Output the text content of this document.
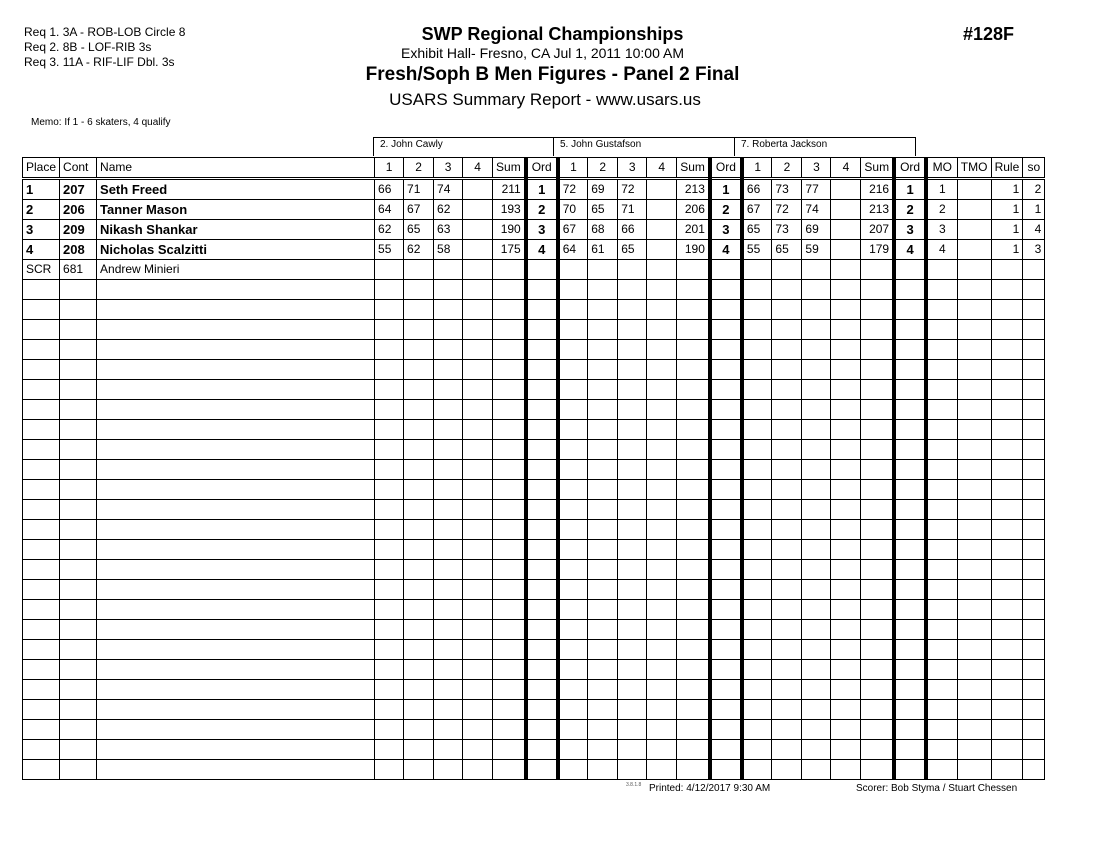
Req 1. 3A - ROB-LOB Circle 8
Req 2. 8B - LOF-RIB 3s
Req 3. 11A - RIF-LIF Dbl. 3s
SWP Regional Championships
Exhibit Hall- Fresno, CA Jul 1, 2011 10:00 AM
Fresh/Soph B Men Figures - Panel 2 Final
USARS Summary Report - www.usars.us
#128F
Memo: If 1 - 6 skaters, 4 qualify
2. John Cawly	5. John Gustafson	7. Roberta Jackson
Place	Cont	Name	1	2	3	4	Sum	Ord	1	2	3	4	Sum	Ord	1	2	3	4	Sum	Ord	MO	TMO	Rule	so
1	207	Seth Freed	66	71	74		211	1	72	69	72		213	1	66	73	77		216	1	1		1	2
2	206	Tanner Mason	64	67	62		193	2	70	65	71		206	2	67	72	74		213	2	2		1	1
3	209	Nikash Shankar	62	65	63		190	3	67	68	66		201	3	65	73	69		207	3	3		1	4
4	208	Nicholas Scalzitti	55	62	58		175	4	64	61	65		190	4	55	65	59		179	4	4		1	3
SCR	681	Andrew Minieri																						

3.8.1.8 Printed: 4/12/2017 9:30 AM	Scorer: Bob Styma / Stuart Chessen
